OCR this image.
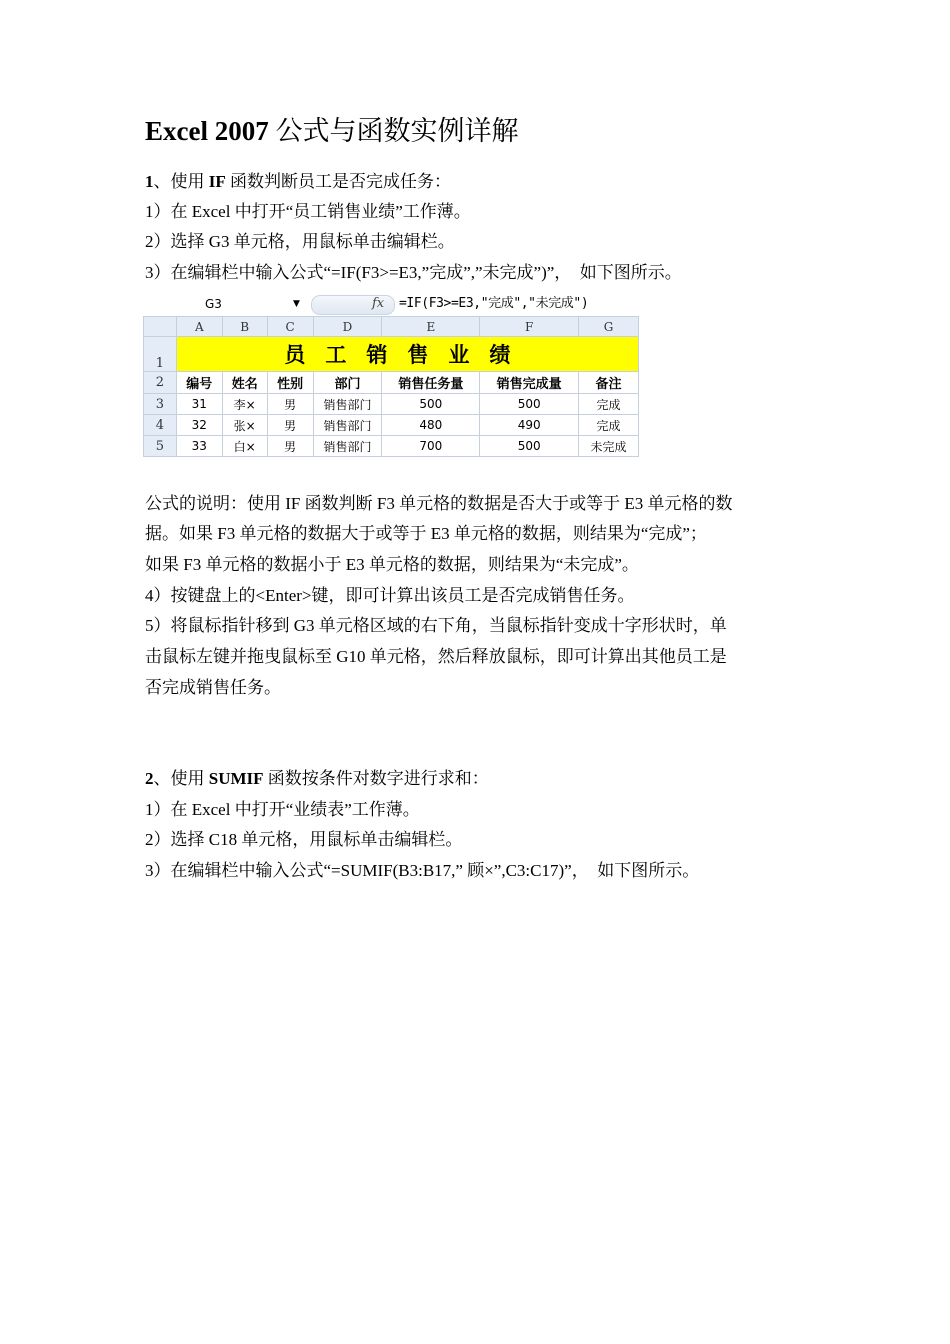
Excel 2007 公式与函数实例详解
1、使用 IF 函数判断员工是否完成任务：
1）在 Excel 中打开“员工销售业绩”工作薄。
2）选择 G3 单元格，用鼠标单击编辑栏。
3）在编辑栏中输入公式“=IF(F3>=E3,”完成”,”未完成”)”，　如下图所示。
G3	▼	fx =IF(F3>=E3,"完成","未完成")
	A	B	C	D	E	F	G
1	员工销售业绩						
2	编号	姓名	性别	部门	销售任务量	销售完成量	备注
3	31	李×	男	销售部门	500	500	完成
4	32	张×	男	销售部门	480	490	完成
5	33	白×	男	销售部门	700	500	未完成
公式的说明：使用 IF 函数判断 F3 单元格的数据是否大于或等于 E3 单元格的数
据。如果 F3 单元格的数据大于或等于 E3 单元格的数据，则结果为“完成”；
如果 F3 单元格的数据小于 E3 单元格的数据，则结果为“未完成”。
4）按键盘上的<Enter>键，即可计算出该员工是否完成销售任务。
5）将鼠标指针移到 G3 单元格区域的右下角，当鼠标指针变成十字形状时，单
击鼠标左键并拖曳鼠标至 G10 单元格，然后释放鼠标，即可计算出其他员工是
否完成销售任务。
2、使用 SUMIF 函数按条件对数字进行求和：
1）在 Excel 中打开“业绩表”工作薄。
2）选择 C18 单元格，用鼠标单击编辑栏。
3）在编辑栏中输入公式“=SUMIF(B3:B17,” 顾×”,C3:C17)”，　如下图所示。
